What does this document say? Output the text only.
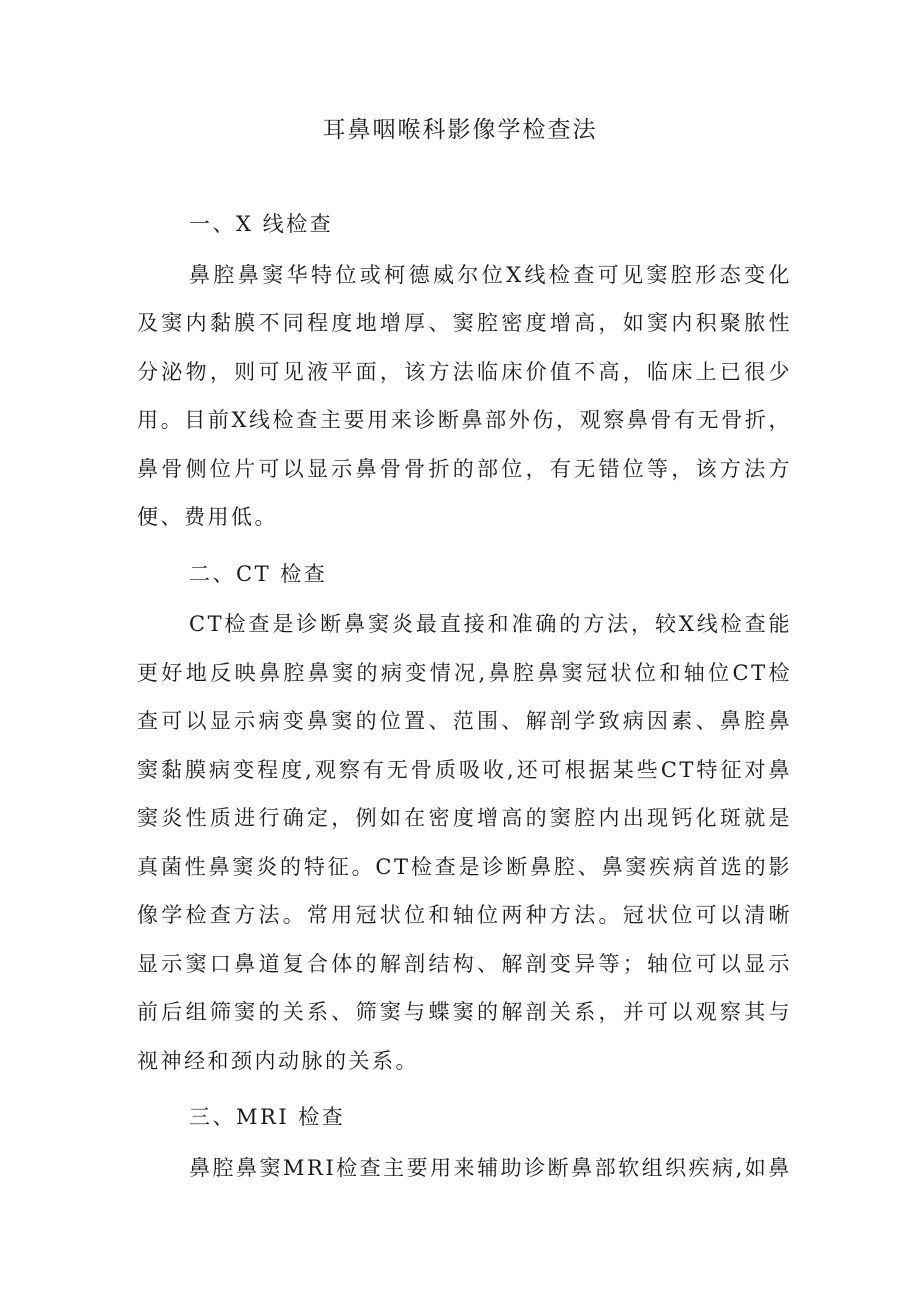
耳鼻咽喉科影像学检查法

一、X 线检查

鼻腔鼻窦华特位或柯德威尔位X线检查可见窦腔形态变化及窦内黏膜不同程度地增厚、窦腔密度增高，如窦内积聚脓性分泌物，则可见液平面，该方法临床价值不高，临床上已很少用。目前X线检查主要用来诊断鼻部外伤，观察鼻骨有无骨折，鼻骨侧位片可以显示鼻骨骨折的部位，有无错位等，该方法方便、费用低。

二、CT 检查

CT检查是诊断鼻窦炎最直接和准确的方法，较X线检查能更好地反映鼻腔鼻窦的病变情况,鼻腔鼻窦冠状位和轴位CT检查可以显示病变鼻窦的位置、范围、解剖学致病因素、鼻腔鼻窦黏膜病变程度,观察有无骨质吸收,还可根据某些CT特征对鼻窦炎性质进行确定，例如在密度增高的窦腔内出现钙化斑就是真菌性鼻窦炎的特征。CT检查是诊断鼻腔、鼻窦疾病首选的影像学检查方法。常用冠状位和轴位两种方法。冠状位可以清晰显示窦口鼻道复合体的解剖结构、解剖变异等；轴位可以显示前后组筛窦的关系、筛窦与蝶窦的解剖关系，并可以观察其与视神经和颈内动脉的关系。

三、MRI 检查

鼻腔鼻窦MRI检查主要用来辅助诊断鼻部软组织疾病,如鼻
